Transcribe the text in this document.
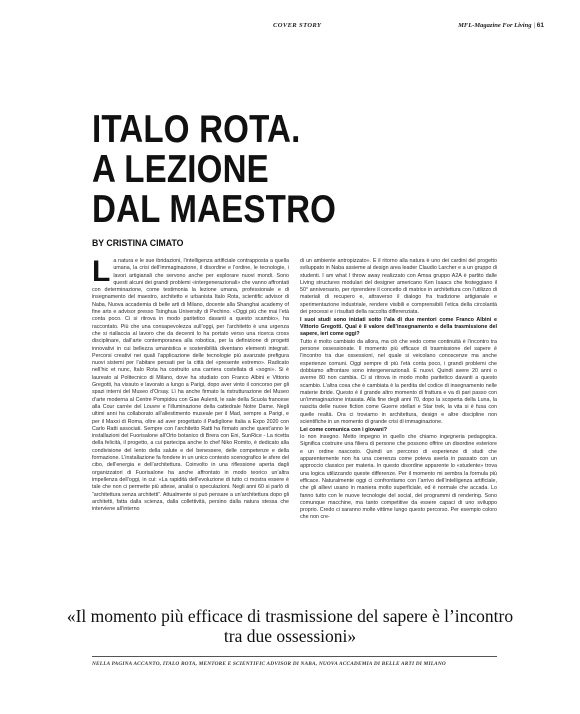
COVER STORY	MFL-Magazine For Living | 61
ITALO ROTA.
A LEZIONE
DAL MAESTRO
BY CRISTINA CIMATO

La natura e le sue ibridazioni, l’intelligenza artificiale contrapposta a quella umana, la crisi dell’immaginazione, il disordine e l’ordine, le tecnologie, i lavori artigianali che servono anche per esplorare nuovi mondi. Sono questi alcuni dei grandi problemi «intergenerazionali» che vanno affrontati con determinazione, come testimonia la lezione umana, professionale e di insegnamento del maestro, architetto e urbanista Italo Rota, scientific advisor di Naba, Nuova accademia di belle arti di Milano, docente alla Shanghai academy of fine arts e advisor presso Tsinghua University di Pechino. «Oggi più che mai l’età conta poco. Ci si ritrova in modo paritetico davanti a questo scambio», ha raccontato. Più che una consapevolezza sull’oggi, per l’architetto è una urgenza che si riallaccia al lavoro che da decenni lo ha portato verso una ricerca cross disciplinare, dall’arte contemporanea alla robotica, per la definizione di progetti innovativi in cui bellezza umanistica e sostenibilità diventano elementi integrati. Percorsi creativi nei quali l’applicazione delle tecnologie più avanzate prefigura nuovi sistemi per l’abitare pensati per la città del «presente estremo». Radicato nell’hic et nunc, Italo Rota ha costruito una carriera costellata di «sogni». Si è laureato al Politecnico di Milano, dove ha studiato con Franco Albini e Vittorio Gregotti, ha vissuto e lavorato a lungo a Parigi, dopo aver vinto il concorso per gli spazi interni del Museo d’Orsay. Lì ha anche firmato la ristrutturazione del Museo d’arte moderna al Centre Pompidou con Gae Aulenti, le sale della Scuola francese alla Cour carrée del Louvre e l’illuminazione della cattedrale Notre Dame. Negli ultimi anni ha collaborato all’allestimento museale per il Mad, sempre a Parigi, e per il Maxxi di Roma, oltre ad aver progettato il Padiglione Italia a Expo 2020 con Carlo Ratti associati. Sempre con l’architetto Ratti ha firmato anche quest’anno le installazioni del Fuorisalone all’Orto botanico di Brera con Eni, SunRice - La ricetta della felicità, il progetto, a cui partecipa anche lo chef Niko Romito, è dedicato alla condivisione del lento della salute e del benessere, delle competenze e della formazione. L’installazione fa fondere in un unico contesto scenografico le sfere del cibo, dell’energia e dell’architettura. Coinvolto in una riflessione aperta dagli organizzatori di Fuorisalone ha anche affrontato in modo teorico un’altra impellenza dell’oggi, in cui: «La rapidità dell’evoluzione di tutto ci mostra essere è tale che non ci permette più attese, analisi o speculazioni. Negli anni 60 si parlò di “architettura senza architetti”. Attualmente si può pensare a un’architettura dopo gli architetti, fatta dalla scienza, dalla collettività, persino dalla natura stessa che interviene all’interno

di un ambiente antropizzato». E il ritorno alla natura è uno dei cardini del progetto sviluppato in Naba assieme al design area leader Claudio Larcher e a un gruppo di studenti. I am what I throw away realizzato con Amsa gruppo A2A è partito dalle Living structures modulari del designer americano Ken Isaacs che festeggiano il 50° anniversario, per riprendere il concetto di matrice in architettura con l’utilizzo di materiali di recupero e, attraverso il dialogo fra tradizione artigianale e sperimentazione industriale, rendere visibili e comprensibili l’etica della circolarità dei processi e i risultati della raccolta differenziata.

I suoi studi sono iniziati sotto l’ala di due mentori come Franco Albini e Vittorio Gregotti. Qual è il valore dell’insegnamento e della trasmissione del sapere, ieri come oggi?

Tutto è molto cambiato da allora, ma ciò che vedo come continuità è l’incontro tra persone ossessionate. Il momento più efficace di trasmissione del sapere è l’incontro tra due ossessioni, nel quale si veicolano conoscenze ma anche esperienze comuni. Oggi sempre di più l’età conta poco, i grandi problemi che dobbiamo affrontare sono intergenerazionali. E nuovi. Quindi avere 20 anni o averne 80 non cambia. Ci si ritrova in modo molto paritetico davanti a questo scambio. L’altra cosa che è cambiata è la perdita del codice di insegnamento nelle materie ibride. Questo è il grande altro momento di frattura e va di pari passo con un’immaginazione intasata. Alla fine degli anni 70, dopo la scoperta della Luna, la nascita delle nuove fiction come Guerre stellari e Star trek, la vita si è fusa con quelle realtà. Ora ci troviamo in architettura, design e altre discipline non scientifiche in un momento di grande crisi di immaginazione.

Lei come comunica con i giovani?

Io non insegno. Metto impegno in quello che chiamo ingegneria pedagogica. Significa costruire una filiera di persone che possono offrire un disordine esteriore e un ordine nascosto. Quindi un percorso di esperienze di studi che apparentemente non ha una coerenza come poteva averla in passato con un approccio classico per materia. In questo disordine apparente lo «studente» trova una logica utilizzando queste differenze. Per il momento mi sembra la formula più efficace. Naturalmente oggi ci confrontiamo con l’arrivo dell’intelligenza artificiale, che gli allievi usano in maniera molto superficiale, ed è normale che accada. Lo fanno tutto con le nuove tecnologie del social, dei programmi di rendering. Sono comunque macchine, ma tanto competitive da essere capaci di uno sviluppo proprio. Credo ci saranno molte vittime lungo questo percorso. Per esempio coloro che non cre-

«Il momento più efficace di trasmissione del sapere è l’incontro tra due ossessioni»

NELLA PAGINA ACCANTO, ITALO ROTA, MENTORE E SCIENTIFIC ADVISOR DI NABA, NUOVA ACCADEMIA DI BELLE ARTI DI MILANO
